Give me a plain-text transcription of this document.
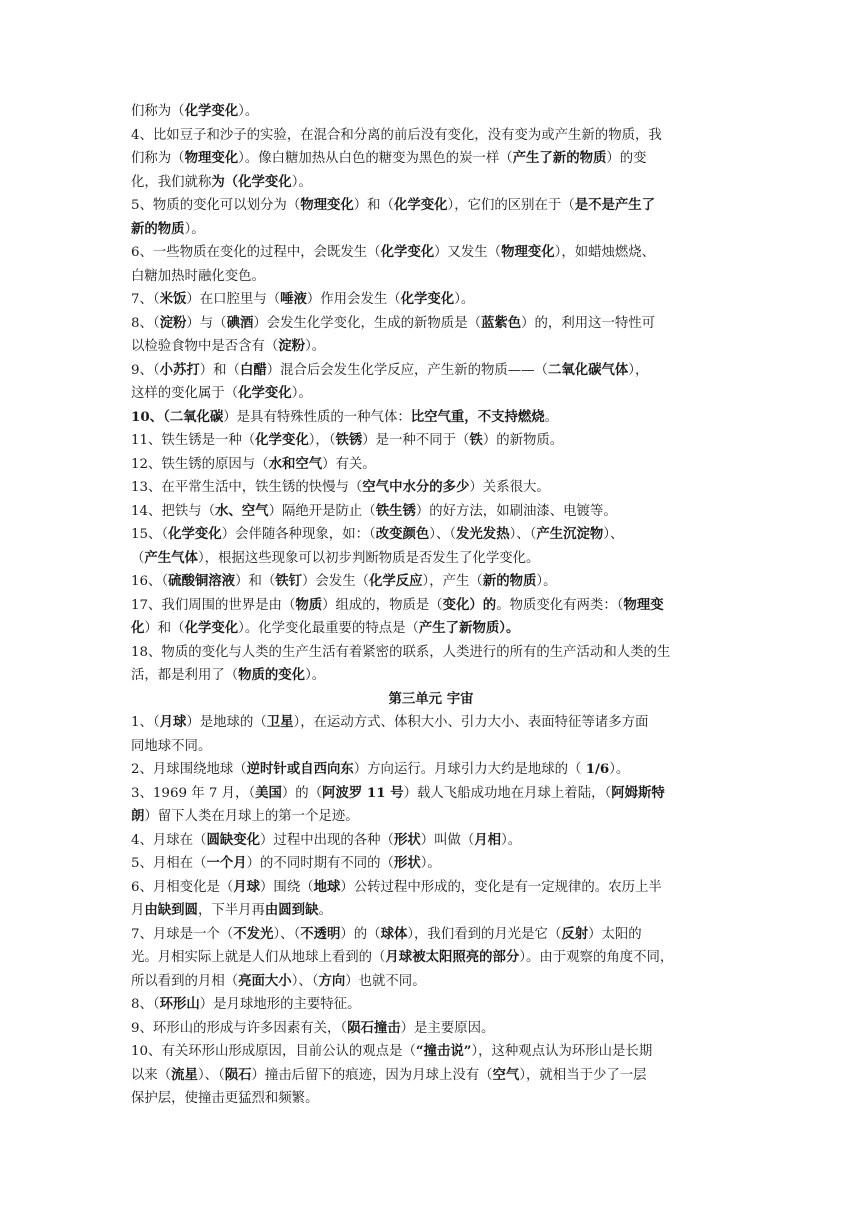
们称为（化学变化）。
4、比如豆子和沙子的实验，在混合和分离的前后没有变化，没有变为或产生新的物质，我
们称为（物理变化）。像白糖加热从白色的糖变为黑色的炭一样（产生了新的物质）的变
化，我们就称为（化学变化）。
5、物质的变化可以划分为（物理变化）和（化学变化），它们的区别在于（是不是产生了
新的物质）。
6、一些物质在变化的过程中，会既发生（化学变化）又发生（物理变化），如蜡烛燃烧、
白糖加热时融化变色。
7、（米饭）在口腔里与（唾液）作用会发生（化学变化）。
8、（淀粉）与（碘酒）会发生化学变化，生成的新物质是（蓝紫色）的，利用这一特性可
以检验食物中是否含有（淀粉）。
9、（小苏打）和（白醋）混合后会发生化学反应，产生新的物质——（二氧化碳气体），
这样的变化属于（化学变化）。
10、（二氧化碳）是具有特殊性质的一种气体：比空气重，不支持燃烧。
11、铁生锈是一种（化学变化），（铁锈）是一种不同于（铁）的新物质。
12、铁生锈的原因与（水和空气）有关。
13、在平常生活中，铁生锈的快慢与（空气中水分的多少）关系很大。
14、把铁与（水、空气）隔绝开是防止（铁生锈）的好方法，如刷油漆、电镀等。
15、（化学变化）会伴随各种现象，如：（改变颜色）、（发光发热）、（产生沉淀物）、
（产生气体），根据这些现象可以初步判断物质是否发生了化学变化。
16、（硫酸铜溶液）和（铁钉）会发生（化学反应），产生（新的物质）。
17、我们周围的世界是由（物质）组成的，物质是（变化）的。物质变化有两类：（物理变
化）和（化学变化）。化学变化最重要的特点是（产生了新物质）。
18、物质的变化与人类的生产生活有着紧密的联系，人类进行的所有的生产活动和人类的生
活，都是利用了（物质的变化）。
第三单元 宇宙
1、（月球）是地球的（卫星），在运动方式、体积大小、引力大小、表面特征等诸多方面
同地球不同。
2、月球围绕地球（逆时针或自西向东）方向运行。月球引力大约是地球的（ 1/6）。
3、1969 年 7 月，（美国）的（阿波罗 11 号）载人飞船成功地在月球上着陆，（阿姆斯特
朗）留下人类在月球上的第一个足迹。
4、月球在（圆缺变化）过程中出现的各种（形状）叫做（月相）。
5、月相在（一个月）的不同时期有不同的（形状）。
6、月相变化是（月球）围绕（地球）公转过程中形成的，变化是有一定规律的。农历上半
月由缺到圆，下半月再由圆到缺。
7、月球是一个（不发光）、（不透明）的（球体），我们看到的月光是它（反射）太阳的
光。月相实际上就是人们从地球上看到的（月球被太阳照亮的部分）。由于观察的角度不同，
所以看到的月相（亮面大小）、（方向）也就不同。
8、（环形山）是月球地形的主要特征。
9、环形山的形成与许多因素有关，（陨石撞击）是主要原因。
10、有关环形山形成原因，目前公认的观点是（“撞击说”），这种观点认为环形山是长期
以来（流星）、（陨石）撞击后留下的痕迹，因为月球上没有（空气），就相当于少了一层
保护层，使撞击更猛烈和频繁。
